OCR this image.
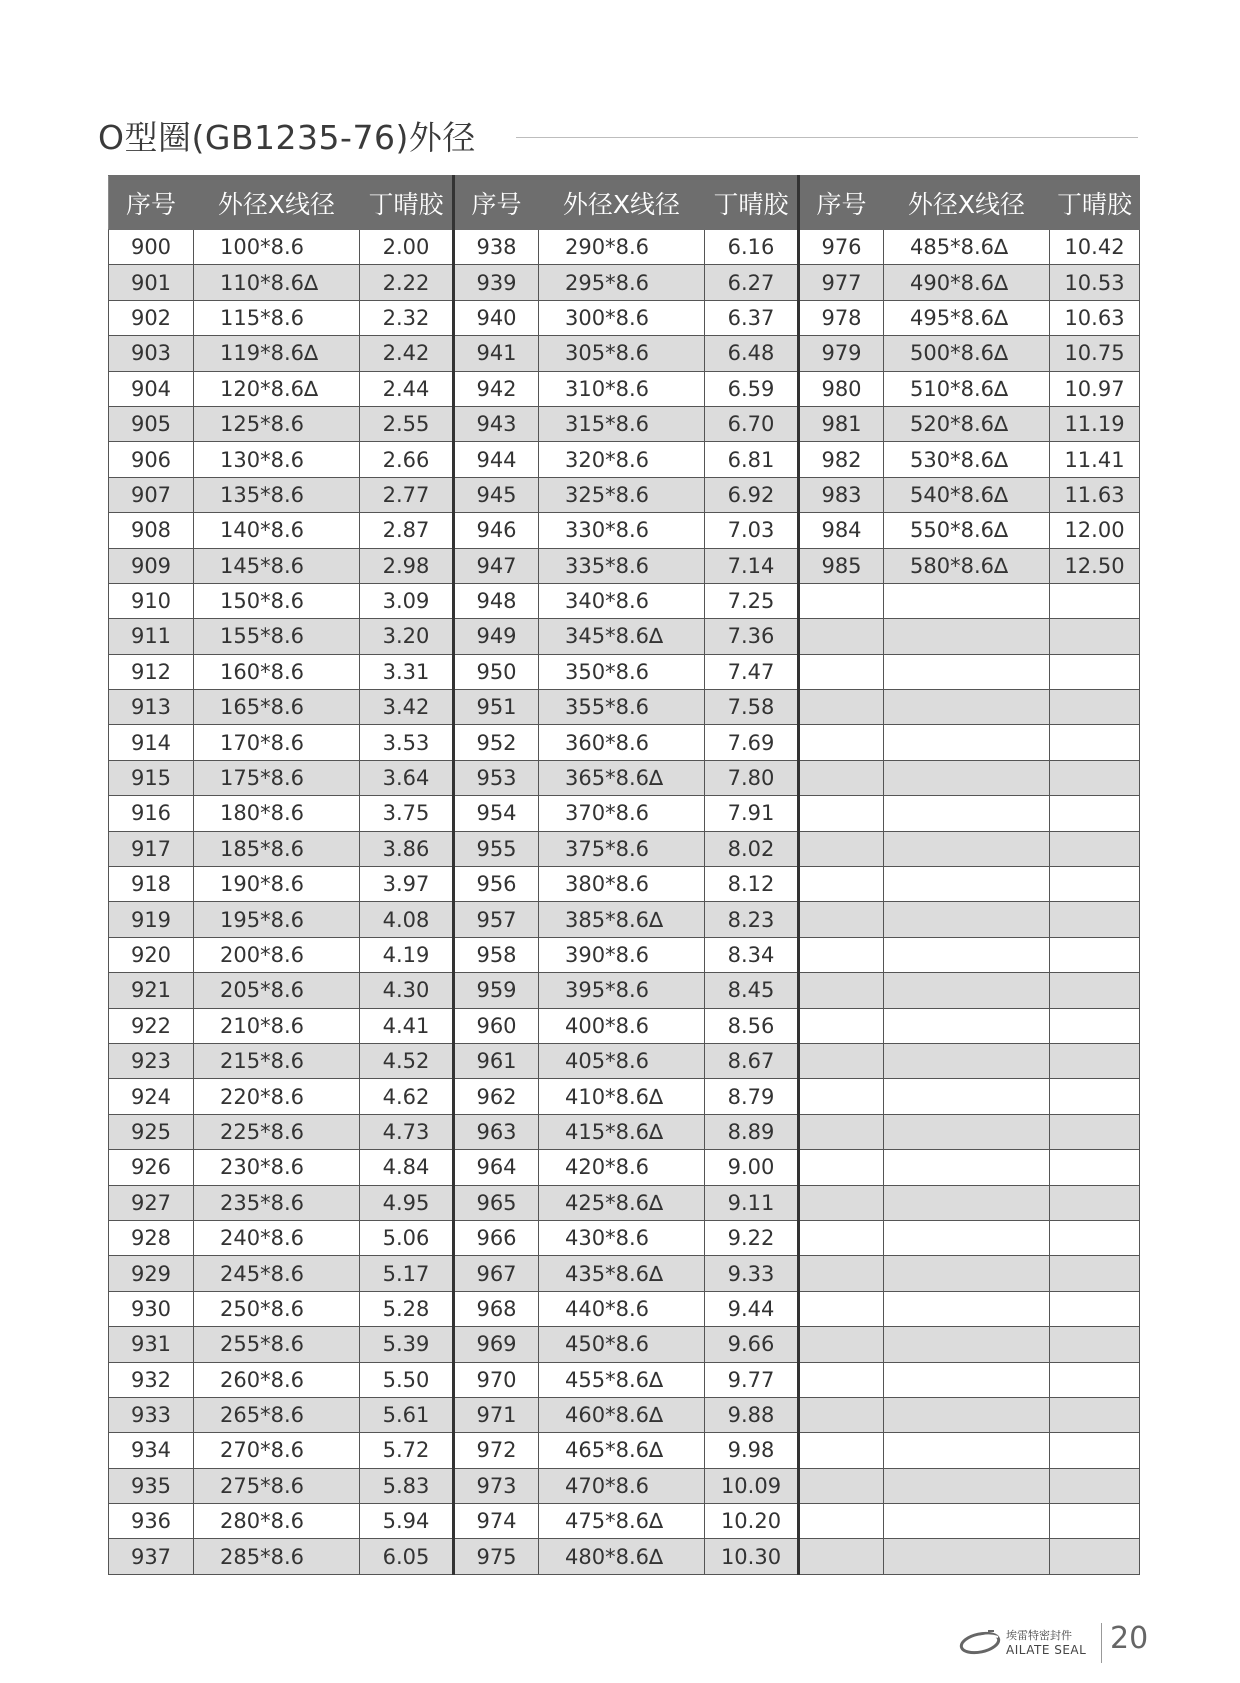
O型圈(GB1235-76)外径
序号	外径X线径	丁晴胶	序号	外径X线径	丁晴胶	序号	外径X线径	丁晴胶
900	100*8.6	2.00	938	290*8.6	6.16	976	485*8.6∆	10.42
901	110*8.6∆	2.22	939	295*8.6	6.27	977	490*8.6∆	10.53
902	115*8.6	2.32	940	300*8.6	6.37	978	495*8.6∆	10.63
903	119*8.6∆	2.42	941	305*8.6	6.48	979	500*8.6∆	10.75
904	120*8.6∆	2.44	942	310*8.6	6.59	980	510*8.6∆	10.97
905	125*8.6	2.55	943	315*8.6	6.70	981	520*8.6∆	11.19
906	130*8.6	2.66	944	320*8.6	6.81	982	530*8.6∆	11.41
907	135*8.6	2.77	945	325*8.6	6.92	983	540*8.6∆	11.63
908	140*8.6	2.87	946	330*8.6	7.03	984	550*8.6∆	12.00
909	145*8.6	2.98	947	335*8.6	7.14	985	580*8.6∆	12.50
910	150*8.6	3.09	948	340*8.6	7.25			
911	155*8.6	3.20	949	345*8.6∆	7.36			
912	160*8.6	3.31	950	350*8.6	7.47			
913	165*8.6	3.42	951	355*8.6	7.58			
914	170*8.6	3.53	952	360*8.6	7.69			
915	175*8.6	3.64	953	365*8.6∆	7.80			
916	180*8.6	3.75	954	370*8.6	7.91			
917	185*8.6	3.86	955	375*8.6	8.02			
918	190*8.6	3.97	956	380*8.6	8.12			
919	195*8.6	4.08	957	385*8.6∆	8.23			
920	200*8.6	4.19	958	390*8.6	8.34			
921	205*8.6	4.30	959	395*8.6	8.45			
922	210*8.6	4.41	960	400*8.6	8.56			
923	215*8.6	4.52	961	405*8.6	8.67			
924	220*8.6	4.62	962	410*8.6∆	8.79			
925	225*8.6	4.73	963	415*8.6∆	8.89			
926	230*8.6	4.84	964	420*8.6	9.00			
927	235*8.6	4.95	965	425*8.6∆	9.11			
928	240*8.6	5.06	966	430*8.6	9.22			
929	245*8.6	5.17	967	435*8.6∆	9.33			
930	250*8.6	5.28	968	440*8.6	9.44			
931	255*8.6	5.39	969	450*8.6	9.66			
932	260*8.6	5.50	970	455*8.6∆	9.77			
933	265*8.6	5.61	971	460*8.6∆	9.88			
934	270*8.6	5.72	972	465*8.6∆	9.98			
935	275*8.6	5.83	973	470*8.6	10.09			
936	280*8.6	5.94	974	475*8.6∆	10.20			
937	285*8.6	6.05	975	480*8.6∆	10.30			
埃雷特密封件
AILATE SEAL 20
